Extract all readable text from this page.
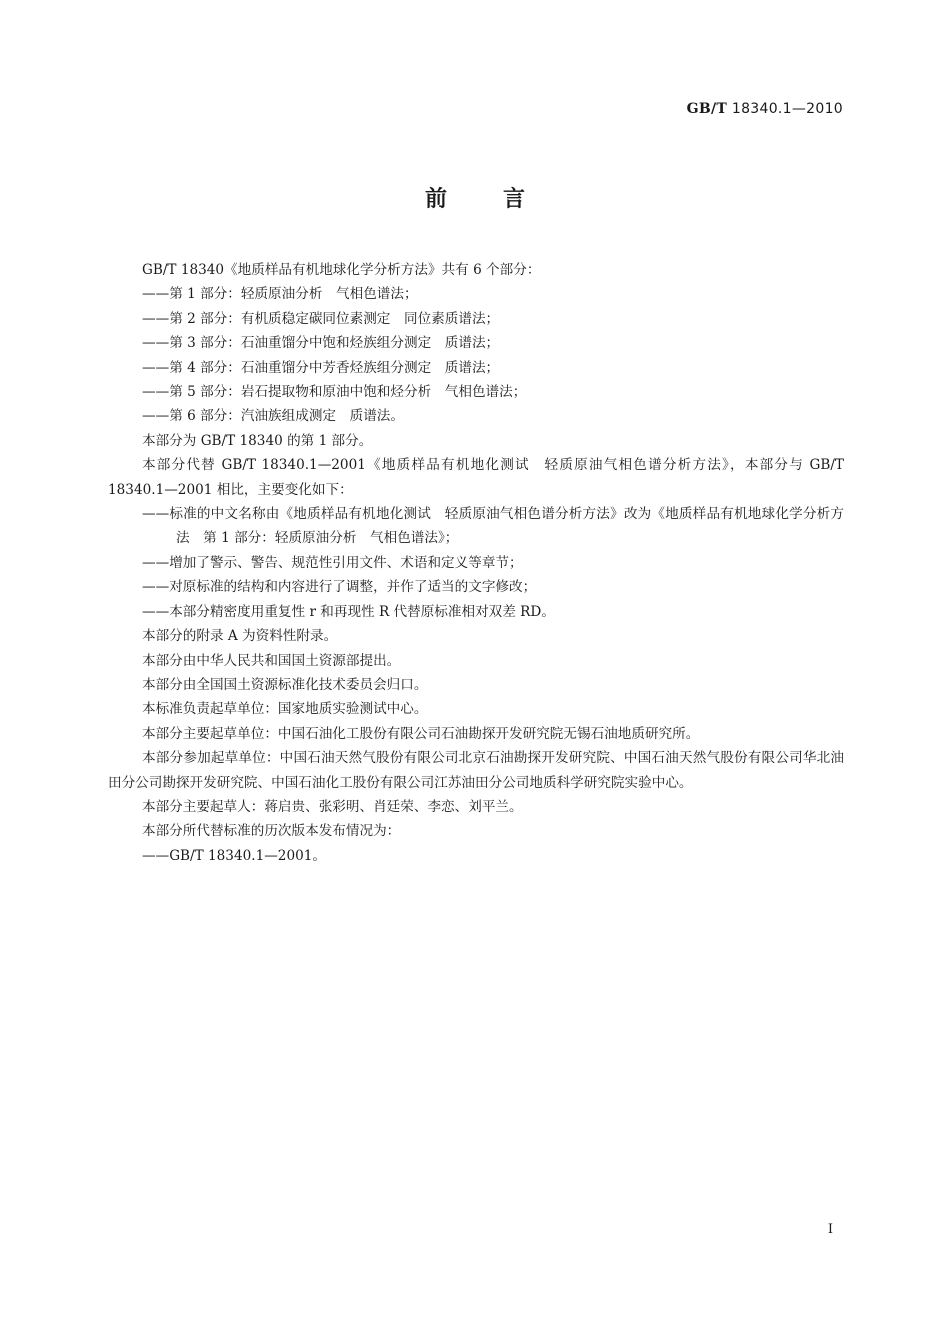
GB/T 18340.1—2010
前言

GB/T 18340《地质样品有机地球化学分析方法》共有 6 个部分：

——第 1 部分：轻质原油分析　气相色谱法；

——第 2 部分：有机质稳定碳同位素测定　同位素质谱法；

——第 3 部分：石油重馏分中饱和烃族组分测定　质谱法；

——第 4 部分：石油重馏分中芳香烃族组分测定　质谱法；

——第 5 部分：岩石提取物和原油中饱和烃分析　气相色谱法；

——第 6 部分：汽油族组成测定　质谱法。

本部分为 GB/T 18340 的第 1 部分。

本部分代替 GB/T 18340.1—2001《地质样品有机地化测试　轻质原油气相色谱分析方法》，本部分与 GB/T 18340.1—2001 相比，主要变化如下：

——标准的中文名称由《地质样品有机地化测试　轻质原油气相色谱分析方法》改为《地质样品有机地球化学分析方法　第 1 部分：轻质原油分析　气相色谱法》；

——增加了警示、警告、规范性引用文件、术语和定义等章节；

——对原标准的结构和内容进行了调整，并作了适当的文字修改；

——本部分精密度用重复性 r 和再现性 R 代替原标准相对双差 RD。

本部分的附录 A 为资料性附录。

本部分由中华人民共和国国土资源部提出。

本部分由全国国土资源标准化技术委员会归口。

本标准负责起草单位：国家地质实验测试中心。

本部分主要起草单位：中国石油化工股份有限公司石油勘探开发研究院无锡石油地质研究所。

本部分参加起草单位：中国石油天然气股份有限公司北京石油勘探开发研究院、中国石油天然气股份有限公司华北油田分公司勘探开发研究院、中国石油化工股份有限公司江苏油田分公司地质科学研究院实验中心。

本部分主要起草人：蒋启贵、张彩明、肖廷荣、李恋、刘平兰。

本部分所代替标准的历次版本发布情况为：

——GB/T 18340.1—2001。

I
